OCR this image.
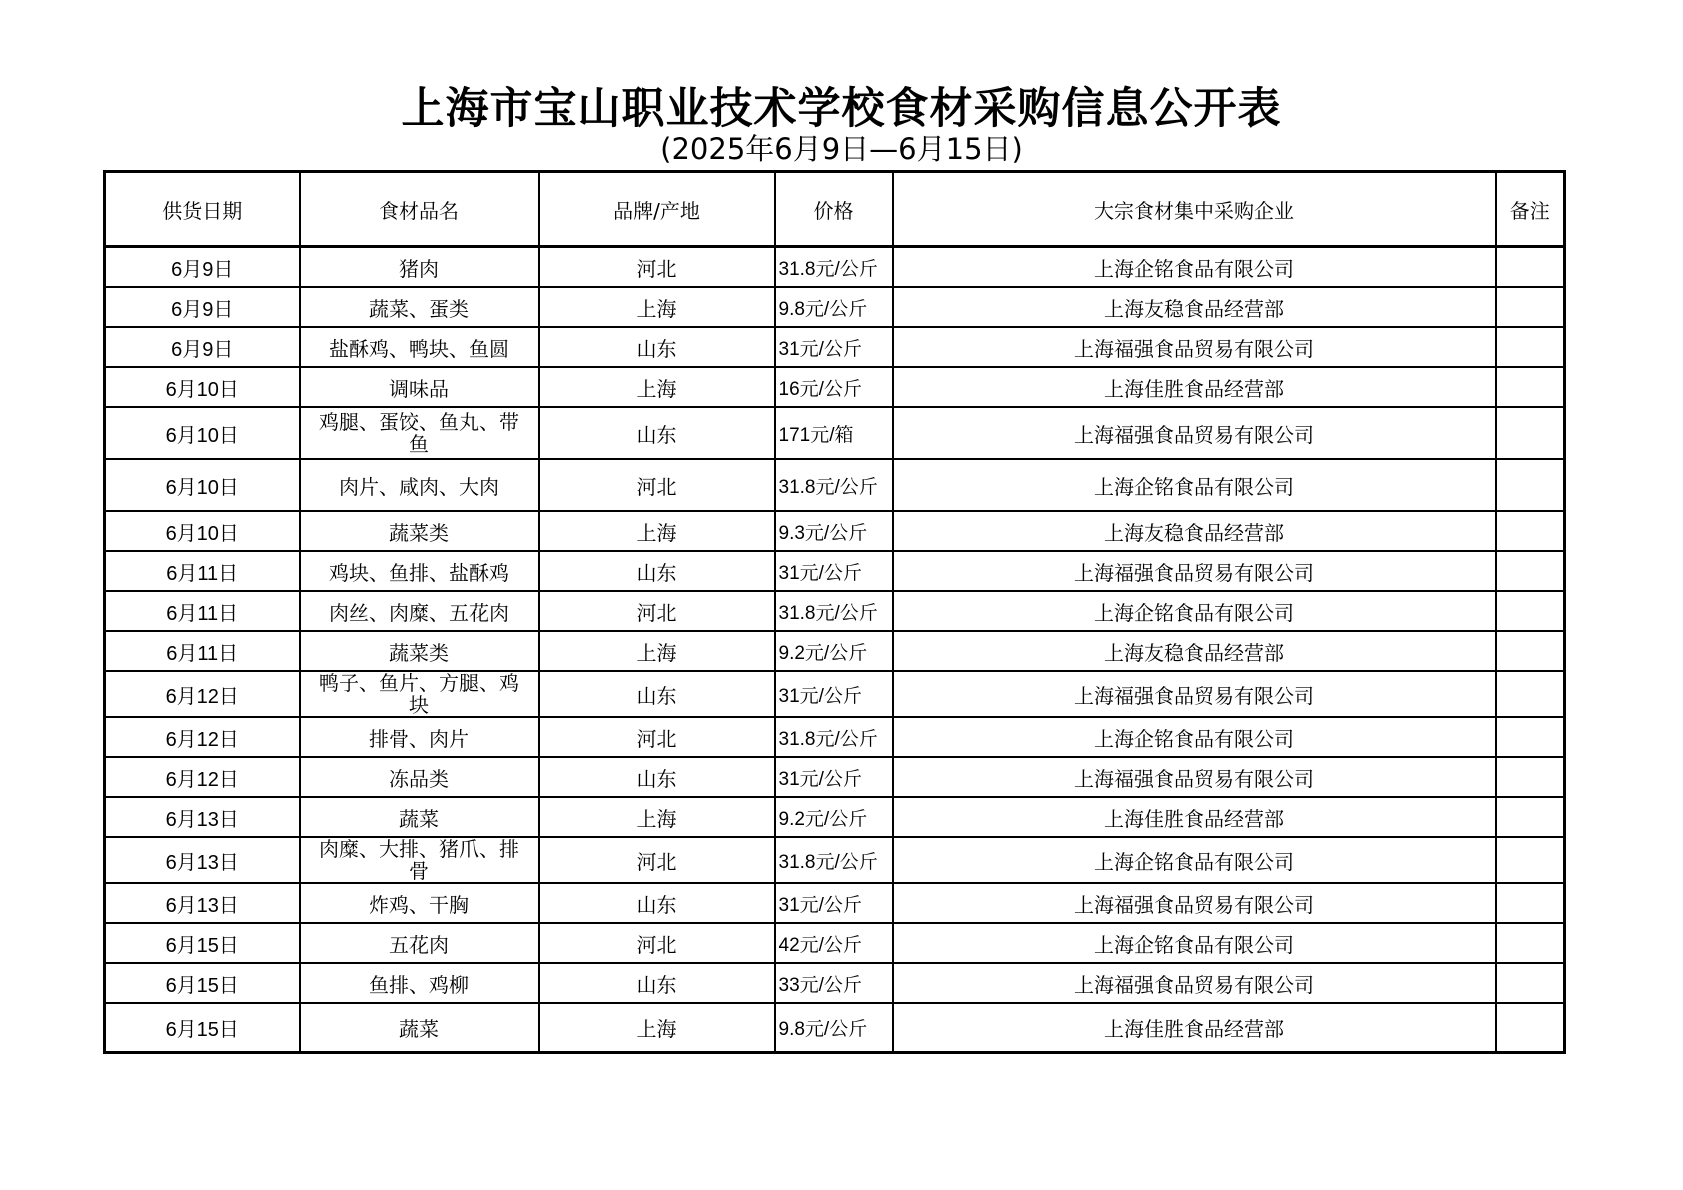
上海市宝山职业技术学校食材采购信息公开表
(2025年6月9日—6月15日)
供货日期	食材品名	品牌/产地	价格	大宗食材集中采购企业	备注
6月9日	猪肉	河北	31.8元/公斤	上海企铭食品有限公司	
6月9日	蔬菜、蛋类	上海	9.8元/公斤	上海友稳食品经营部	
6月9日	盐酥鸡、鸭块、鱼圆	山东	31元/公斤	上海福强食品贸易有限公司	
6月10日	调味品	上海	16元/公斤	上海佳胜食品经营部	
6月10日	鸡腿、蛋饺、鱼丸、带鱼	山东	171元/箱	上海福强食品贸易有限公司	
6月10日	肉片、咸肉、大肉	河北	31.8元/公斤	上海企铭食品有限公司	
6月10日	蔬菜类	上海	9.3元/公斤	上海友稳食品经营部	
6月11日	鸡块、鱼排、盐酥鸡	山东	31元/公斤	上海福强食品贸易有限公司	
6月11日	肉丝、肉糜、五花肉	河北	31.8元/公斤	上海企铭食品有限公司	
6月11日	蔬菜类	上海	9.2元/公斤	上海友稳食品经营部	
6月12日	鸭子、鱼片、方腿、鸡块	山东	31元/公斤	上海福强食品贸易有限公司	
6月12日	排骨、肉片	河北	31.8元/公斤	上海企铭食品有限公司	
6月12日	冻品类	山东	31元/公斤	上海福强食品贸易有限公司	
6月13日	蔬菜	上海	9.2元/公斤	上海佳胜食品经营部	
6月13日	肉糜、大排、猪爪、排骨	河北	31.8元/公斤	上海企铭食品有限公司	
6月13日	炸鸡、干胸	山东	31元/公斤	上海福强食品贸易有限公司	
6月15日	五花肉	河北	42元/公斤	上海企铭食品有限公司	
6月15日	鱼排、鸡柳	山东	33元/公斤	上海福强食品贸易有限公司	
6月15日	蔬菜	上海	9.8元/公斤	上海佳胜食品经营部	
